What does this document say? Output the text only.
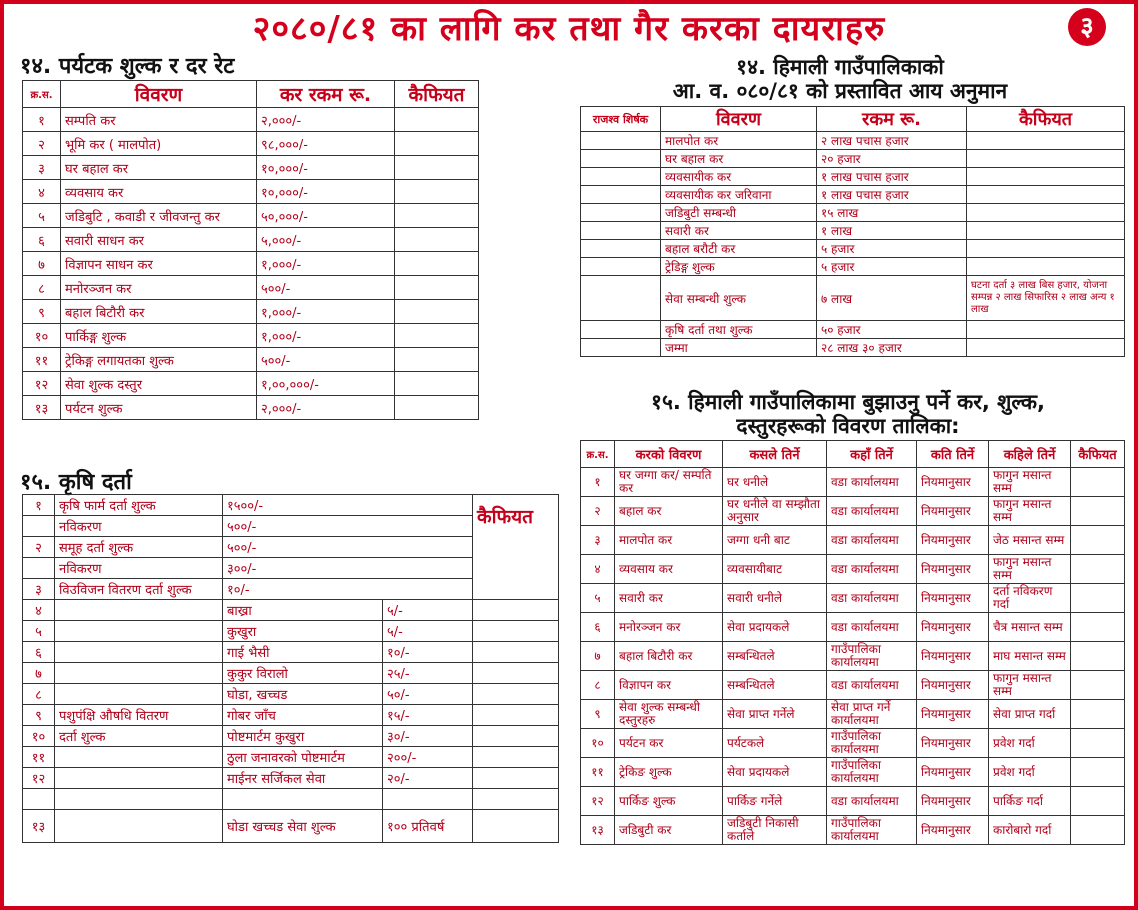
२०८०/८१ का लागि कर तथा गैर करका दायराहरु	३
१४. पर्यटक शुल्क र दर रेट
क्र.स.	विवरण	कर रकम रू.	कैफियत
१	सम्पति कर	२,०००/-	
२	भूमि कर ( मालपोत)	९८,०००/-	
३	घर बहाल कर	१०,०००/-	
४	व्यवसाय कर	१०,०००/-	
५	जडिबुटि , कवाडी र जीवजन्तु कर	५०,०००/-	
६	सवारी साधन कर	५,०००/-	
७	विज्ञापन साधन कर	१,०००/-	
८	मनोरञ्जन कर	५००/-	
९	बहाल बिटौरी कर	१,०००/-	
१०	पार्किङ्ग शुल्क	१,०००/-	
११	ट्रेकिङ्ग लगायतका शुल्क	५००/-	
१२	सेवा शुल्क दस्तुर	१,००,०००/-	
१३	पर्यटन शुल्क	२,०००/-	
१४. हिमाली गाउँपालिकाको
आ. व. ०८०/८१ को प्रस्तावित आय अनुमान
राजश्व शिर्षक	विवरण	रकम रू.	कैफियत
	मालपोत कर	२ लाख पचास हजार	
	घर बहाल कर	२० हजार	
	व्यवसायीक कर	१ लाख पचास हजार	
	व्यवसायीक कर जरिवाना	१ लाख पचास हजार	
	जडिबुटी सम्बन्धी	१५ लाख	
	सवारी कर	१ लाख	
	बहाल बरौटी कर	५ हजार	
	ट्रेडिङ्ग शुल्क	५ हजार	
	सेवा सम्बन्धी शुल्क	७ लाख	घटना दर्ता ३ लाख बिस हजार, योजना सम्पन्न २ लाख सिफारिस २ लाख अन्य १ लाख
	कृषि दर्ता तथा शुल्क	५० हजार	
	जम्मा	२८ लाख ३० हजार	
१५. कृषि दर्ता
१	कृषि फार्म दर्ता शुल्क	१५००/-		कैफियत
	नविकरण	५००/-		
२	समूह दर्ता शुल्क	५००/-		
	नविकरण	३००/-		
३	विउविजन वितरण दर्ता शुल्क	१०/-		
४		बाख्रा	५/-	
५		कुखुरा	५/-	
६		गाई भैसी	१०/-	
७		कुकुर विरालो	२५/-	
८		घोडा, खच्चड	५०/-	
९	पशुपंक्षि औषधि वितरण	गोबर जाँच	१५/-	
१०	दर्ता शुल्क	पोष्टमार्टम कुखुरा	३०/-	
११		ठुला जनावरको पोष्टमार्टम	२००/-	
१२		माईनर सर्जिकल सेवा	२०/-	

१३		घोडा खच्चड सेवा शुल्क	१०० प्रतिवर्ष	
१५. हिमाली गाउँपालिकामा बुझाउनु पर्ने कर, शुल्क,
दस्तुरहरूको विवरण तालिका:
क्र.स.	करको विवरण	कसले तिर्ने	कहाँ तिर्ने	कति तिर्ने	कहिले तिर्ने	कैफियत
१	घर जग्गा कर/ सम्पति कर	घर धनीले	वडा कार्यालयमा	नियमानुसार	फागुन मसान्त सम्म	
२	बहाल कर	घर धनीले वा सम्झौता अनुसार	वडा कार्यालयमा	नियमानुसार	फागुन मसान्त सम्म	
३	मालपोत कर	जग्गा धनी बाट	वडा कार्यालयमा	नियमानुसार	जेठ मसान्त सम्म	
४	व्यवसाय कर	व्यवसायीबाट	वडा कार्यालयमा	नियमानुसार	फागुन मसान्त सम्म	
५	सवारी कर	सवारी धनीले	वडा कार्यालयमा	नियमानुसार	दर्ता नविकरण गर्दा	
६	मनोरञ्जन कर	सेवा प्रदायकले	वडा कार्यालयमा	नियमानुसार	चैत्र मसान्त सम्म	
७	बहाल बिटौरी कर	सम्बन्धितले	गाउँपालिका कार्यालयमा	नियमानुसार	माघ मसान्त सम्म	
८	विज्ञापन कर	सम्बन्धितले	वडा कार्यालयमा	नियमानुसार	फागुन मसान्त सम्म	
९	सेवा शुल्क सम्बन्धी दस्तुरहरु	सेवा प्राप्त गर्नेले	सेवा प्राप्त गर्ने कार्यालयमा	नियमानुसार	सेवा प्राप्त गर्दा	
१०	पर्यटन कर	पर्यटकले	गाउँपालिका कार्यालयमा	नियमानुसार	प्रवेश गर्दा	
११	ट्रेकिङ शुल्क	सेवा प्रदायकले	गाउँपालिका कार्यालयमा	नियमानुसार	प्रवेश गर्दा	
१२	पार्किङ शुल्क	पार्किङ गर्नेले	वडा कार्यालयमा	नियमानुसार	पार्किङ गर्दा	
१३	जडिबुटी कर	जडिबुटी निकासी कर्ताले	गाउँपालिका कार्यालयमा	नियमानुसार	कारोबारो गर्दा	
